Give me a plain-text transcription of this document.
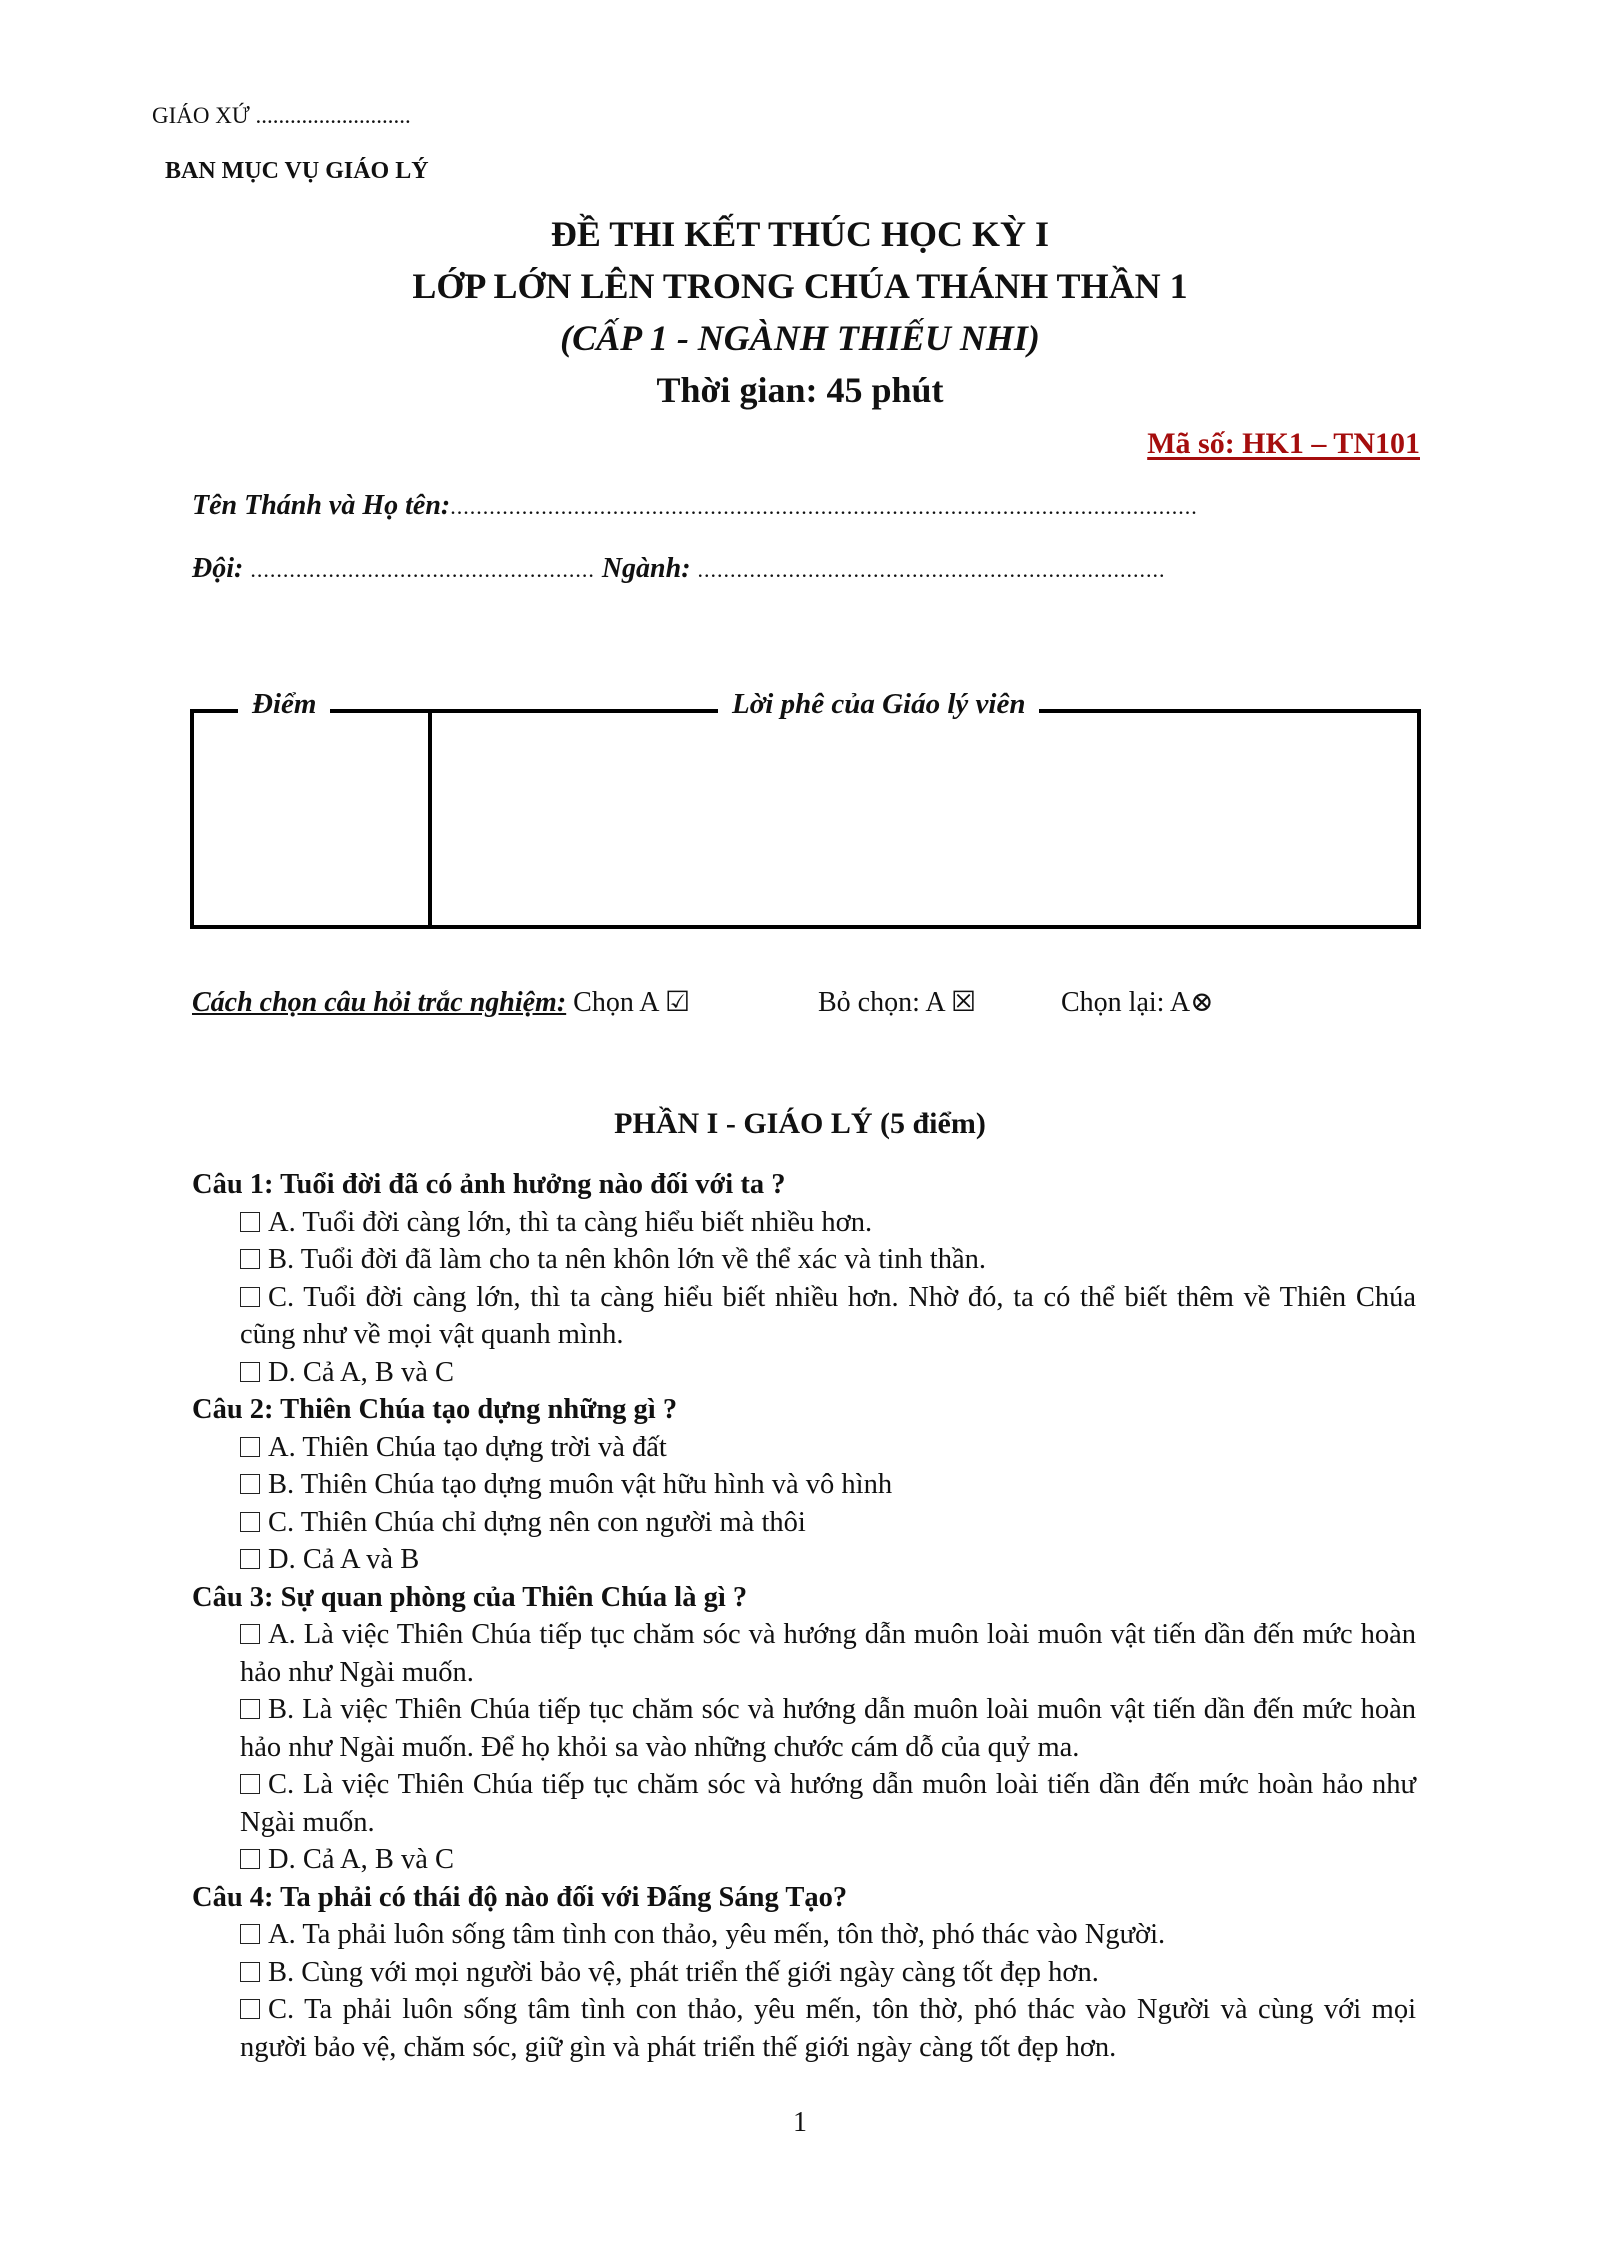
GIÁO XỨ ...........................
BAN MỤC VỤ GIÁO LÝ
ĐỀ THI KẾT THÚC HỌC KỲ I
LỚP LỚN LÊN TRONG CHÚA THÁNH THẦN 1
(CẤP 1 - NGÀNH THIẾU NHI)
Thời gian: 45 phút
Mã số: HK1 – TN101
Tên Thánh và Họ tên:...................................................................................................................
Đội: ..................................................... Ngành: ........................................................................
Điểm	Lời phê của Giáo lý viên
Cách chọn câu hỏi trắc nghiệm: Chọn A ☑	Bỏ chọn: A ☒	Chọn lại: A⊗
PHẦN I - GIÁO LÝ (5 điểm)
Câu 1: Tuổi đời đã có ảnh hưởng nào đối với ta ?
A. Tuổi đời càng lớn, thì ta càng hiểu biết nhiều hơn.
B. Tuổi đời đã làm cho ta nên khôn lớn về thể xác và tinh thần.
C. Tuổi đời càng lớn, thì ta càng hiểu biết nhiều hơn. Nhờ đó, ta có thể biết thêm về Thiên Chúa cũng như về mọi vật quanh mình.
D. Cả A, B và C
Câu 2: Thiên Chúa tạo dựng những gì ?
A. Thiên Chúa tạo dựng trời và đất
B. Thiên Chúa tạo dựng muôn vật hữu hình và vô hình
C. Thiên Chúa chỉ dựng nên con người mà thôi
D. Cả A và B
Câu 3: Sự quan phòng của Thiên Chúa là gì ?
A. Là việc Thiên Chúa tiếp tục chăm sóc và hướng dẫn muôn loài muôn vật tiến dần đến mức hoàn hảo như Ngài muốn.
B. Là việc Thiên Chúa tiếp tục chăm sóc và hướng dẫn muôn loài muôn vật tiến dần đến mức hoàn hảo như Ngài muốn. Để họ khỏi sa vào những chước cám dỗ của quỷ ma.
C. Là việc Thiên Chúa tiếp tục chăm sóc và hướng dẫn muôn loài tiến dần đến mức hoàn hảo như Ngài muốn.
D. Cả A, B và C
Câu 4: Ta phải có thái độ nào đối với Đấng Sáng Tạo?
A. Ta phải luôn sống tâm tình con thảo, yêu mến, tôn thờ, phó thác vào Người.
B. Cùng với mọi người bảo vệ, phát triển thế giới ngày càng tốt đẹp hơn.
C. Ta phải luôn sống tâm tình con thảo, yêu mến, tôn thờ, phó thác vào Người và cùng với mọi người bảo vệ, chăm sóc, giữ gìn và phát triển thế giới ngày càng tốt đẹp hơn.
1
